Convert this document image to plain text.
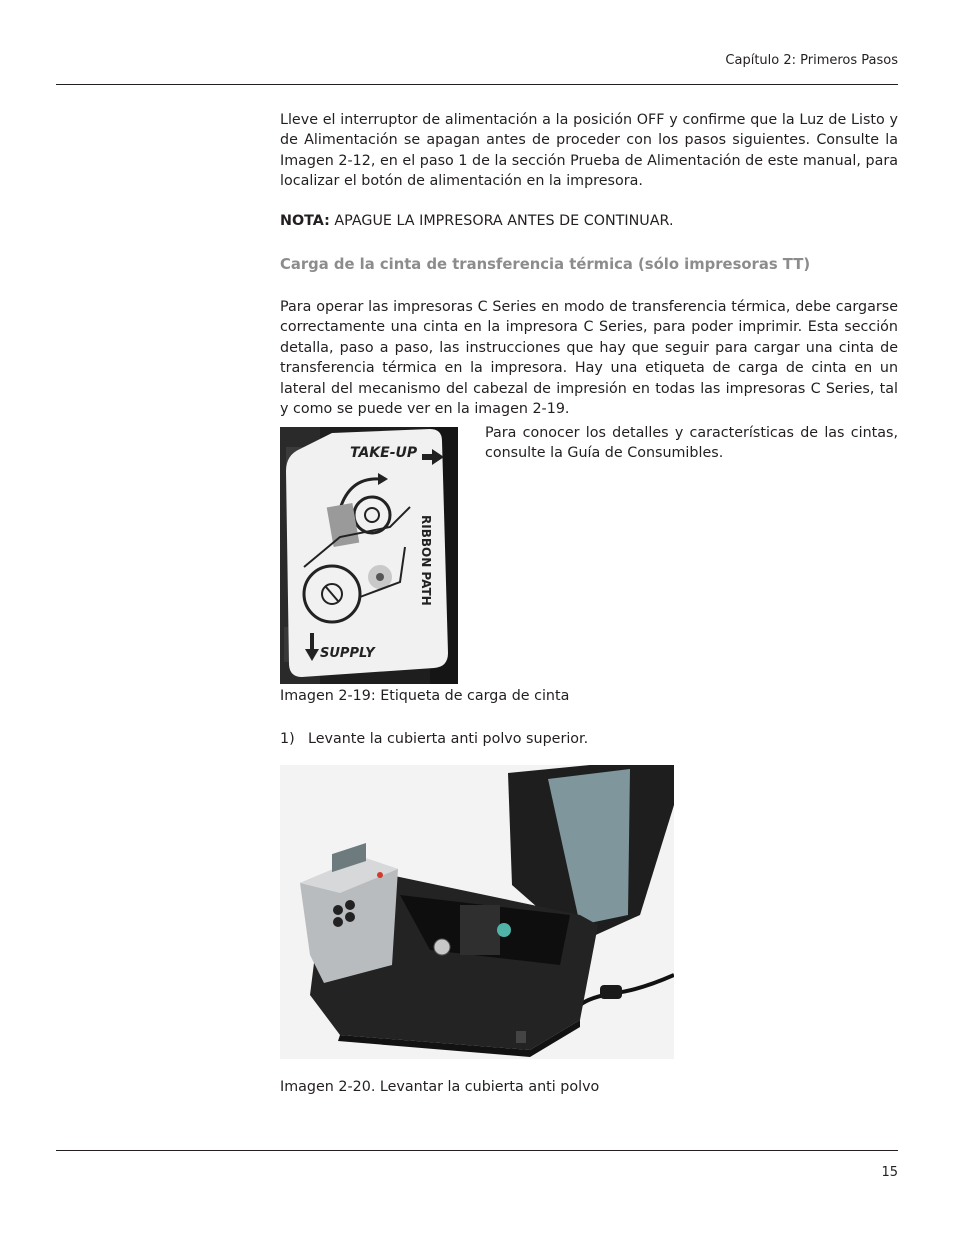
Capítulo 2: Primeros Pasos
Lleve el interruptor de alimentación a la posición OFF y confirme que la Luz de Listo y de Alimentación se apagan antes de proceder con los pasos siguientes. Consulte la Imagen 2-12, en el paso 1 de la sección Prueba de Alimentación de este manual, para localizar el botón de alimentación en la impresora.
NOTA: APAGUE LA IMPRESORA ANTES DE CONTINUAR.
Carga de la cinta de transferencia térmica (sólo impresoras TT)
Para operar las impresoras C Series en modo de transferencia térmica, debe cargarse correctamente una cinta en la impresora C Series, para poder imprimir. Esta sección detalla, paso a paso, las instrucciones que hay que seguir para cargar una cinta de transferencia térmica en la impresora. Hay una etiqueta de carga de cinta en un lateral del mecanismo del cabezal de impresión en todas las impresoras C Series, tal y como se puede ver en la imagen 2-19.
TAKE-UP
RIBBON PATH
SUPPLY
Para conocer los detalles y características de las cintas, consulte la Guía de Consumibles.
Imagen 2-19: Etiqueta de carga de cinta
1) Levante la cubierta anti polvo superior.
Imagen 2-20. Levantar la cubierta anti polvo
15
